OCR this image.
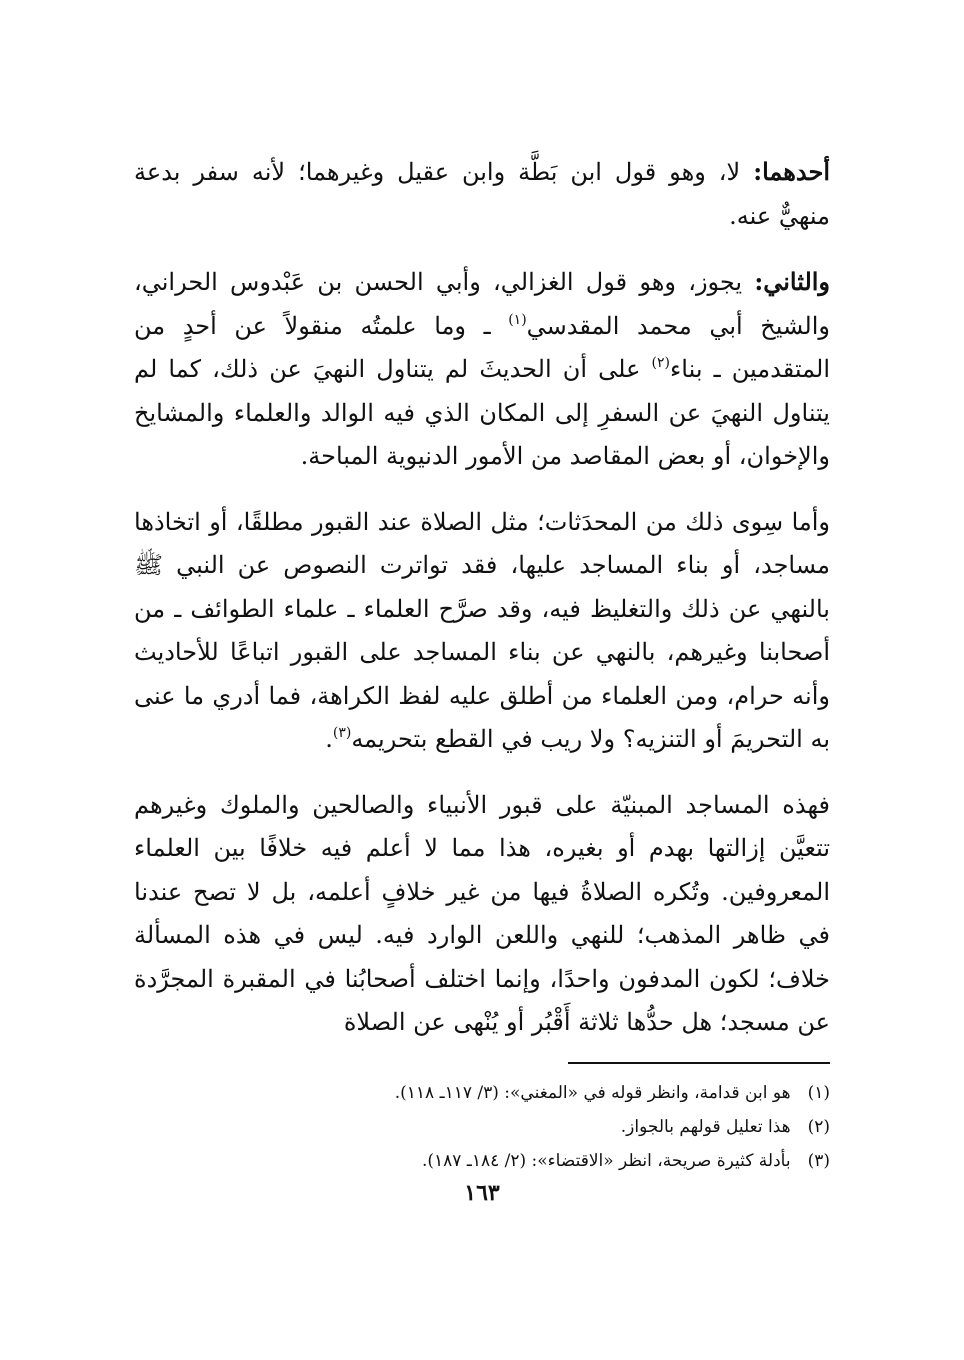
أحدهما: لا، وهو قول ابن بَطَّة وابن عقيل وغيرهما؛ لأنه سفر بدعة منهيٌّ عنه.

والثاني: يجوز، وهو قول الغزالي، وأبي الحسن بن عَبْدوس الحراني، والشيخ أبي محمد المقدسي$^{(١)}$ ـ وما علمتُه منقولاً عن أحدٍ من المتقدمين ـ بناء$^{(٢)}$ على أن الحديثَ لم يتناول النهيَ عن ذلك، كما لم يتناول النهيَ عن السفرِ إلى المكان الذي فيه الوالد والعلماء والمشايخ والإخوان، أو بعض المقاصد من الأمور الدنيوية المباحة.

وأما سِوى ذلك من المحدَثات؛ مثل الصلاة عند القبور مطلقًا، أو اتخاذها مساجد، أو بناء المساجد عليها، فقد تواترت النصوص عن النبي ﷺ بالنهي عن ذلك والتغليظ فيه، وقد صرَّح العلماء ـ علماء الطوائف ـ من أصحابنا وغيرهم، بالنهي عن بناء المساجد على القبور اتباعًا للأحاديث وأنه حرام، ومن العلماء من أطلق عليه لفظ الكراهة، فما أدري ما عنى به التحريمَ أو التنزيه؟ ولا ريب في القطع بتحريمه$^{(٣)}$.

فهذه المساجد المبنيّة على قبور الأنبياء والصالحين والملوك وغيرهم تتعيَّن إزالتها بهدم أو بغيره، هذا مما لا أعلم فيه خلافًا بين العلماء المعروفين. وتُكره الصلاةُ فيها من غير خلافٍ أعلمه، بل لا تصح عندنا في ظاهر المذهب؛ للنهي واللعن الوارد فيه. ليس في هذه المسألة خلاف؛ لكون المدفون واحدًا، وإنما اختلف أصحابُنا في المقبرة المجرَّدة عن مسجد؛ هل حدُّها ثلاثة أَقْبُر أو يُنْهى عن الصلاة

(١) هو ابن قدامة، وانظر قوله في «المغني»: (٣/ ١١٧ـ ١١٨).
(٢) هذا تعليل قولهم بالجواز.
(٣) بأدلة كثيرة صريحة، انظر «الاقتضاء»: (٢/ ١٨٤ـ ١٨٧).
١٦٣
